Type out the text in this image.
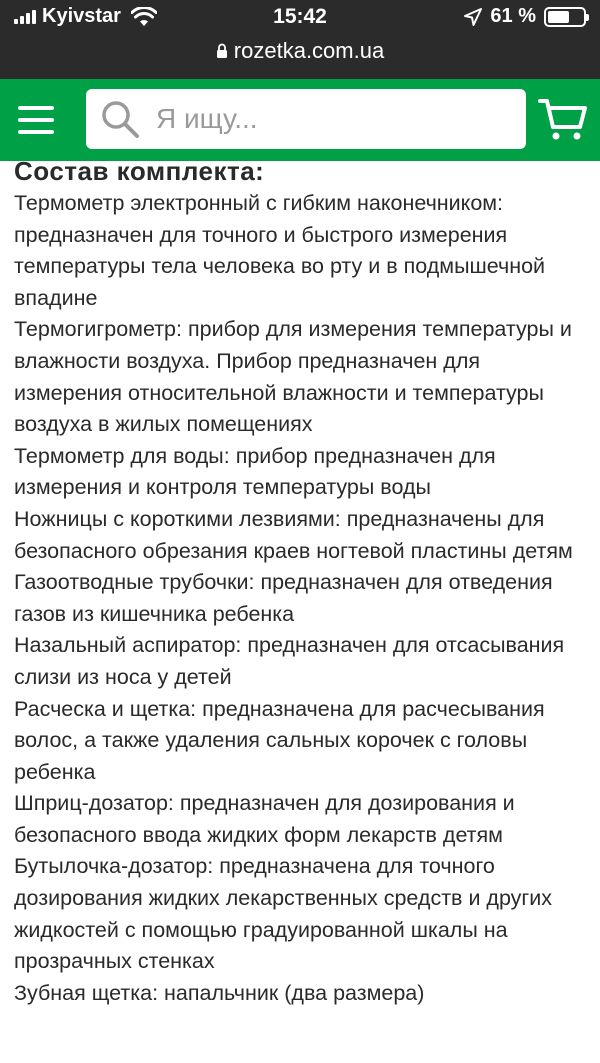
Kyivstar	15:42	61 %
rozetka.com.ua
Я ищу...
Состав комплекта:
Термометр электронный с гибким наконечником: предназначен для точного и быстрого измерения температуры тела человека во рту и в подмышечной впадине
Термогигрометр: прибор для измерения температуры и влажности воздуха. Прибор предназначен для измерения относительной влажности и температуры воздуха в жилых помещениях
Термометр для воды: прибор предназначен для измерения и контроля температуры воды
Ножницы с короткими лезвиями: предназначены для безопасного обрезания краев ногтевой пластины детям
Газоотводные трубочки: предназначен для отведения газов из кишечника ребенка
Назальный аспиратор: предназначен для отсасывания слизи из носа у детей
Расческа и щетка: предназначена для расчесывания волос, а также удаления сальных корочек с головы ребенка
Шприц-дозатор: предназначен для дозирования и безопасного ввода жидких форм лекарств детям
Бутылочка-дозатор: предназначена для точного дозирования жидких лекарственных средств и других жидкостей с помощью градуированной шкалы на прозрачных стенках
Зубная щетка: напальчник (два размера)
